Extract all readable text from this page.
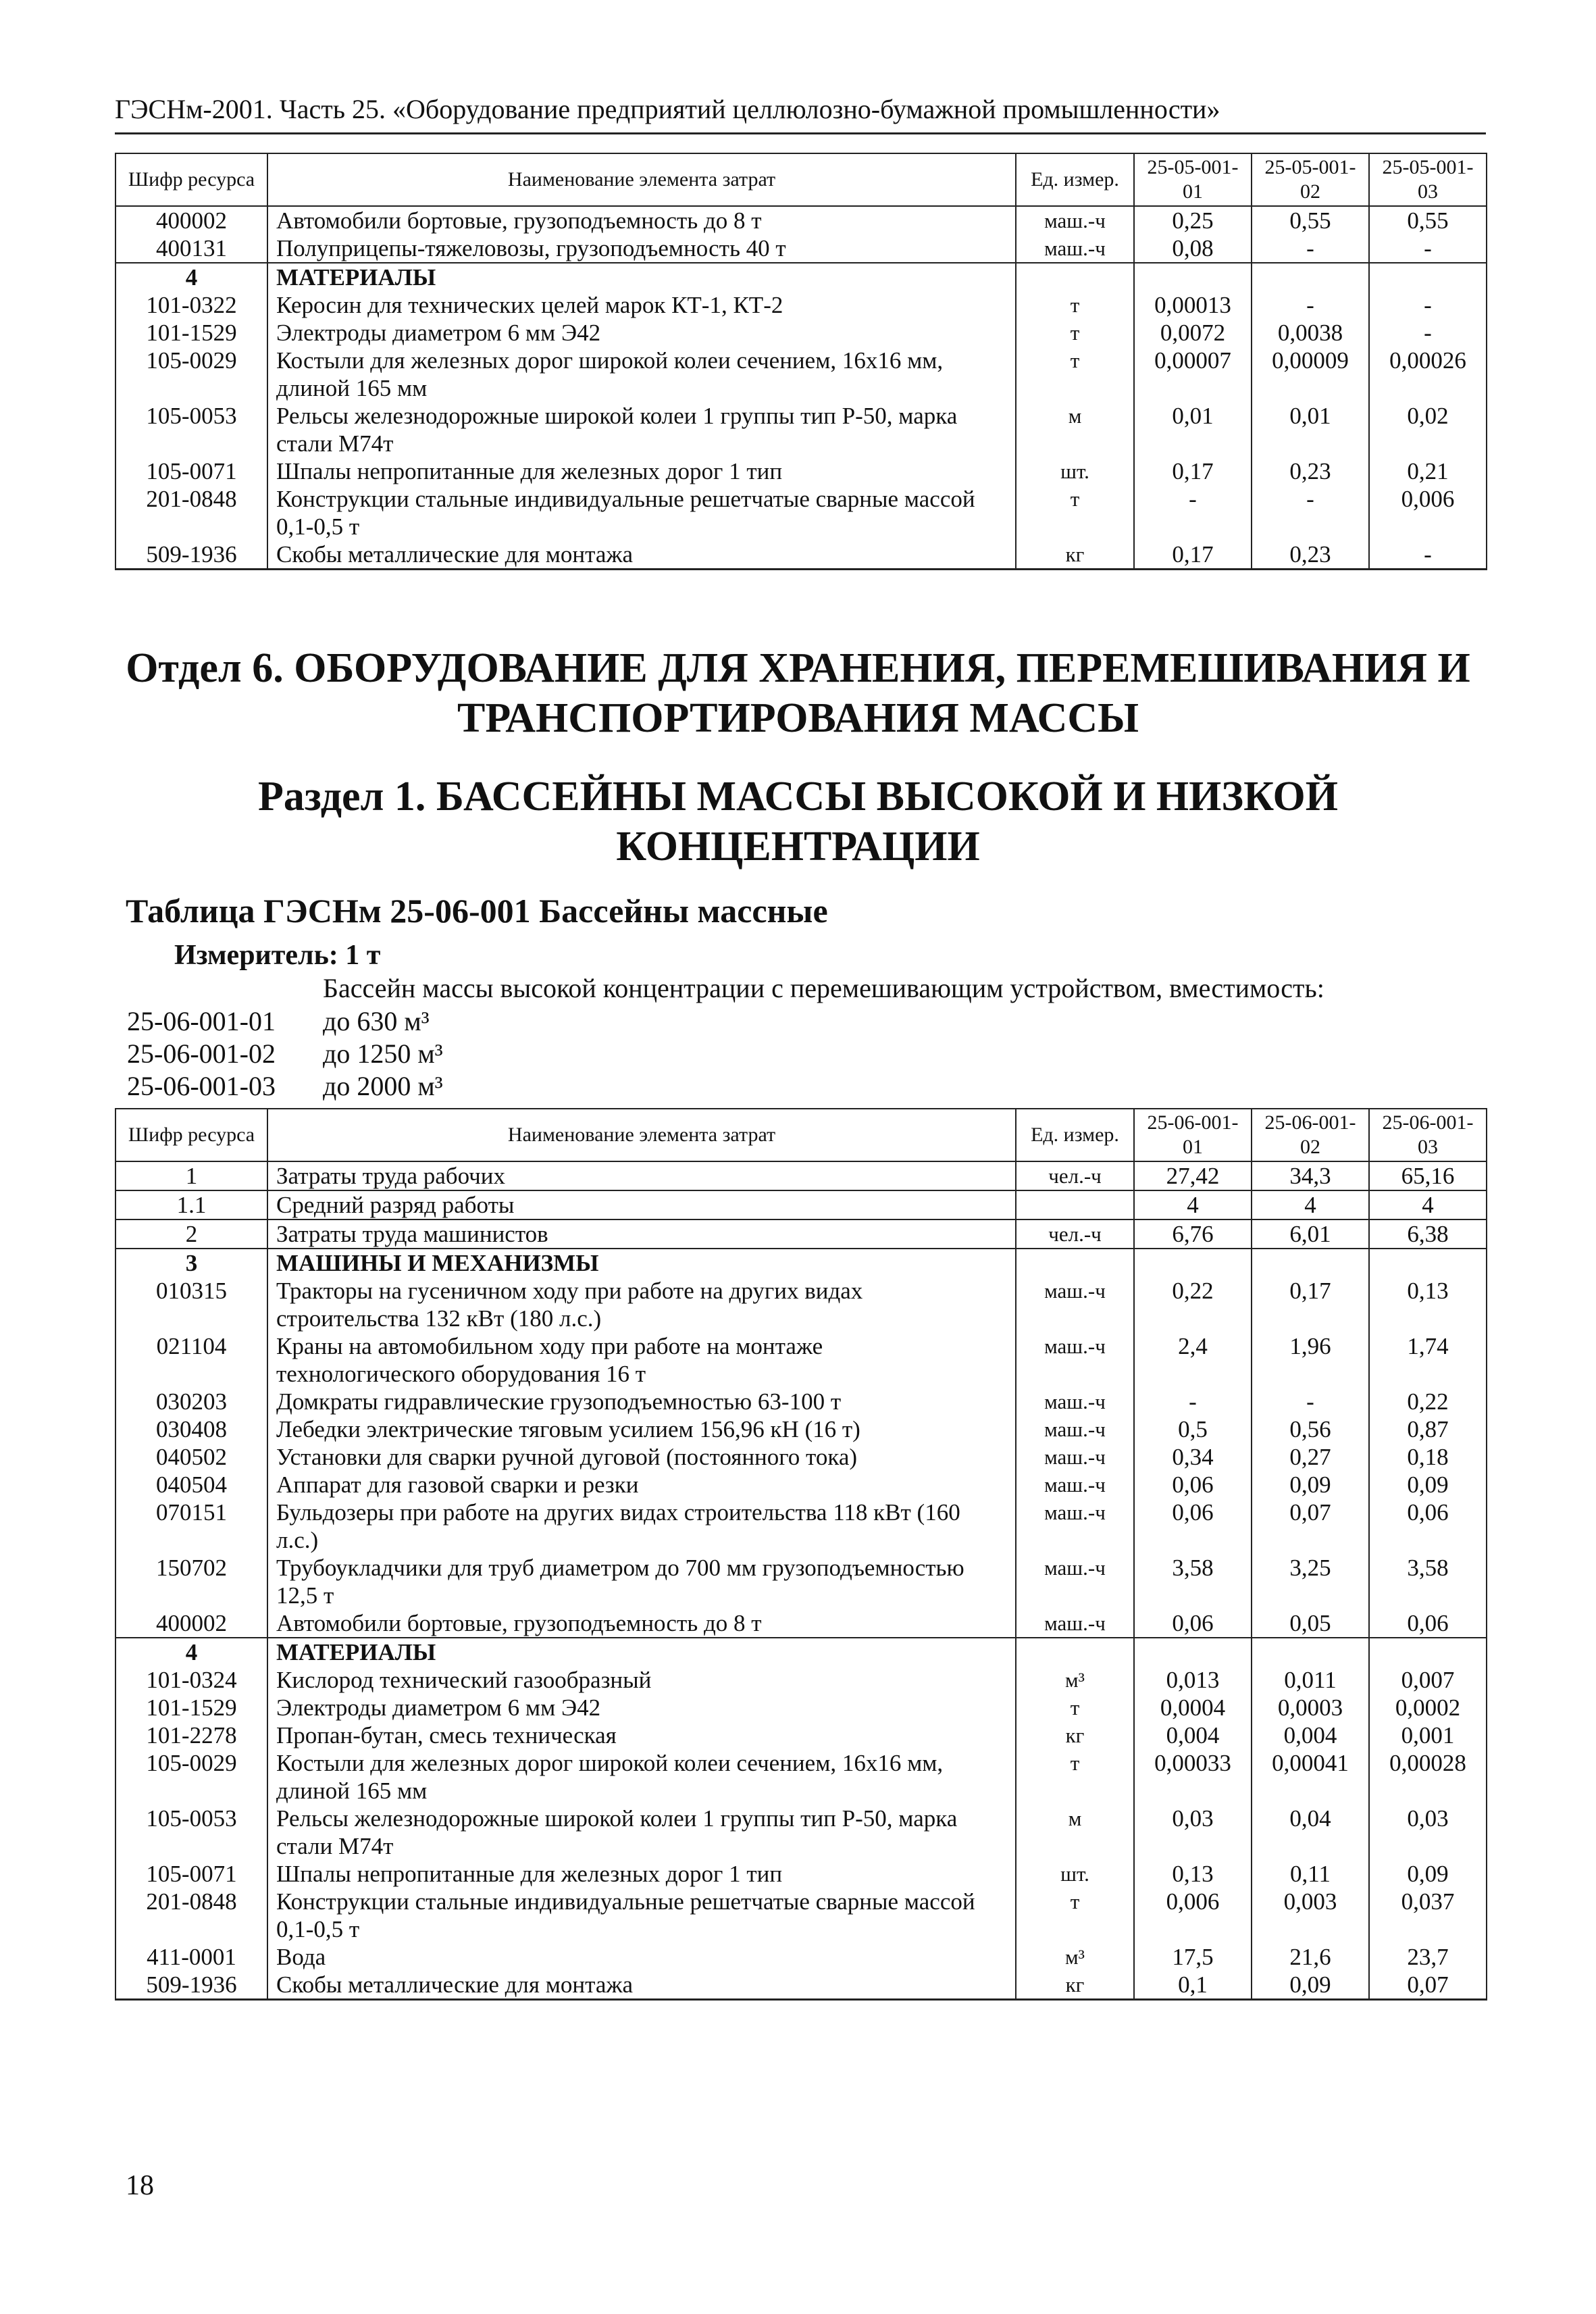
ГЭСНм-2001. Часть 25. «Оборудование предприятий целлюлозно-бумажной промышленности»
Шифр ресурса	Наименование элемента затрат	Ед. измер.	25-05-001-01	25-05-001-02	25-05-001-03
400002	Автомобили бортовые, грузоподъемность до 8 т	маш.-ч	0,25	0,55	0,55
400131	Полуприцепы-тяжеловозы, грузоподъемность 40 т	маш.-ч	0,08	-	-
4	МАТЕРИАЛЫ				
101-0322	Керосин для технических целей марок КТ-1, КТ-2	т	0,00013	-	-
101-1529	Электроды диаметром 6 мм Э42	т	0,0072	0,0038	-
105-0029	Костыли для железных дорог широкой колеи сечением, 16х16 мм, длиной 165 мм	т	0,00007	0,00009	0,00026
105-0053	Рельсы железнодорожные широкой колеи 1 группы тип Р-50, марка стали М74т	м	0,01	0,01	0,02
105-0071	Шпалы непропитанные для железных дорог 1 тип	шт.	0,17	0,23	0,21
201-0848	Конструкции стальные индивидуальные решетчатые сварные массой 0,1-0,5 т	т	-	-	0,006
509-1936	Скобы металлические для монтажа	кг	0,17	0,23	-
Отдел 6. ОБОРУДОВАНИЕ ДЛЯ ХРАНЕНИЯ, ПЕРЕМЕШИВАНИЯ И ТРАНСПОРТИРОВАНИЯ МАССЫ
Раздел 1. БАССЕЙНЫ МАССЫ ВЫСОКОЙ И НИЗКОЙ КОНЦЕНТРАЦИИ
Таблица ГЭСНм 25-06-001 Бассейны массные
Измеритель: 1 т
Бассейн массы высокой концентрации с перемешивающим устройством, вместимость:
25-06-001-01 до 630 м³
25-06-001-02 до 1250 м³
25-06-001-03 до 2000 м³
Шифр ресурса	Наименование элемента затрат	Ед. измер.	25-06-001-01	25-06-001-02	25-06-001-03
1	Затраты труда рабочих	чел.-ч	27,42	34,3	65,16
1.1	Средний разряд работы		4	4	4
2	Затраты труда машинистов	чел.-ч	6,76	6,01	6,38
3	МАШИНЫ И МЕХАНИЗМЫ				
010315	Тракторы на гусеничном ходу при работе на других видах строительства 132 кВт (180 л.с.)	маш.-ч	0,22	0,17	0,13
021104	Краны на автомобильном ходу при работе на монтаже технологического оборудования 16 т	маш.-ч	2,4	1,96	1,74
030203	Домкраты гидравлические грузоподъемностью 63-100 т	маш.-ч	-	-	0,22
030408	Лебедки электрические тяговым усилием 156,96 кН (16 т)	маш.-ч	0,5	0,56	0,87
040502	Установки для сварки ручной дуговой (постоянного тока)	маш.-ч	0,34	0,27	0,18
040504	Аппарат для газовой сварки и резки	маш.-ч	0,06	0,09	0,09
070151	Бульдозеры при работе на других видах строительства 118 кВт (160 л.с.)	маш.-ч	0,06	0,07	0,06
150702	Трубоукладчики для труб диаметром до 700 мм грузоподъемностью 12,5 т	маш.-ч	3,58	3,25	3,58
400002	Автомобили бортовые, грузоподъемность до 8 т	маш.-ч	0,06	0,05	0,06
4	МАТЕРИАЛЫ				
101-0324	Кислород технический газообразный	м³	0,013	0,011	0,007
101-1529	Электроды диаметром 6 мм Э42	т	0,0004	0,0003	0,0002
101-2278	Пропан-бутан, смесь техническая	кг	0,004	0,004	0,001
105-0029	Костыли для железных дорог широкой колеи сечением, 16х16 мм, длиной 165 мм	т	0,00033	0,00041	0,00028
105-0053	Рельсы железнодорожные широкой колеи 1 группы тип Р-50, марка стали М74т	м	0,03	0,04	0,03
105-0071	Шпалы непропитанные для железных дорог 1 тип	шт.	0,13	0,11	0,09
201-0848	Конструкции стальные индивидуальные решетчатые сварные массой 0,1-0,5 т	т	0,006	0,003	0,037
411-0001	Вода	м³	17,5	21,6	23,7
509-1936	Скобы металлические для монтажа	кг	0,1	0,09	0,07
18
